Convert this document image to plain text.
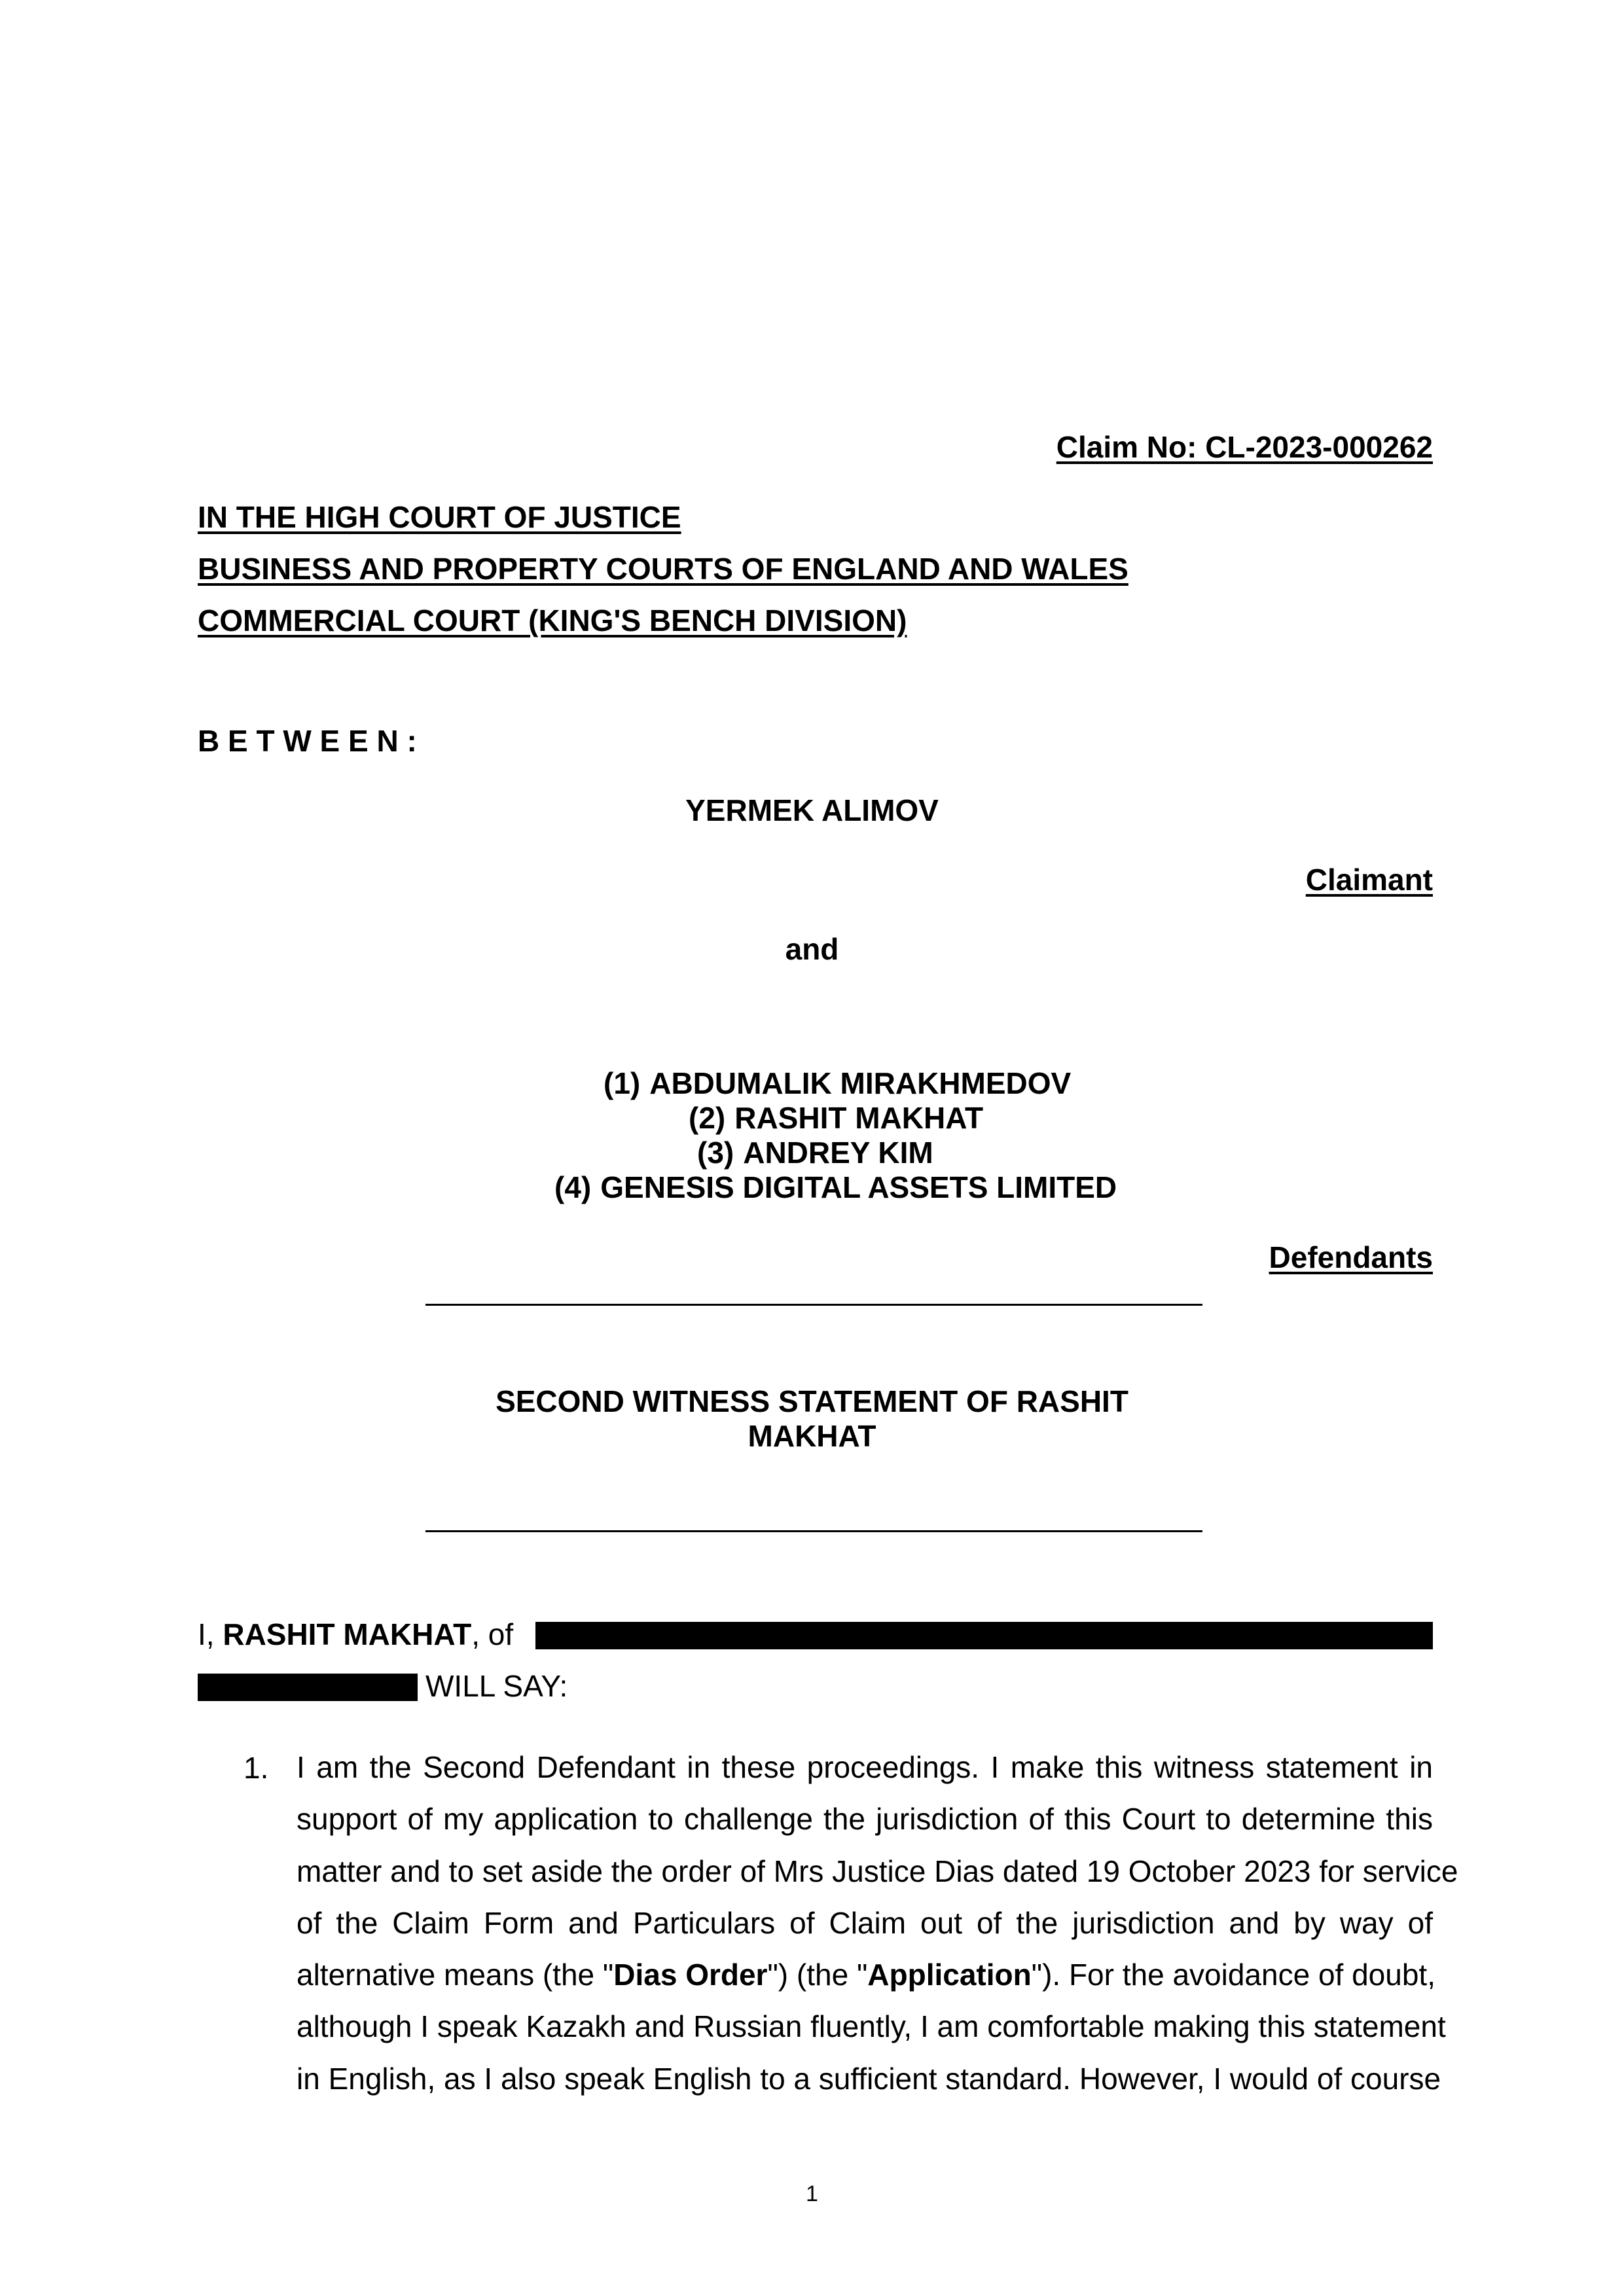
Claim No: CL-2023-000262
IN THE HIGH COURT OF JUSTICE
BUSINESS AND PROPERTY COURTS OF ENGLAND AND WALES
COMMERCIAL COURT (KING'S BENCH DIVISION)
B E T W E E N :
YERMEK ALIMOV
Claimant
and
(1) ABDUMALIK MIRAKHMEDOV
(2) RASHIT MAKHAT
(3) ANDREY KIM
(4) GENESIS DIGITAL ASSETS LIMITED
Defendants
SECOND WITNESS STATEMENT OF RASHIT
MAKHAT
I, RASHIT MAKHAT, of
WILL SAY:
1. I am the Second Defendant in these proceedings. I make this witness statement in
support of my application to challenge the jurisdiction of this Court to determine this
matter and to set aside the order of Mrs Justice Dias dated 19 October 2023 for service
of the Claim Form and Particulars of Claim out of the jurisdiction and by way of
alternative means (the "Dias Order") (the "Application"). For the avoidance of doubt,
although I speak Kazakh and Russian fluently, I am comfortable making this statement
in English, as I also speak English to a sufficient standard. However, I would of course
1
